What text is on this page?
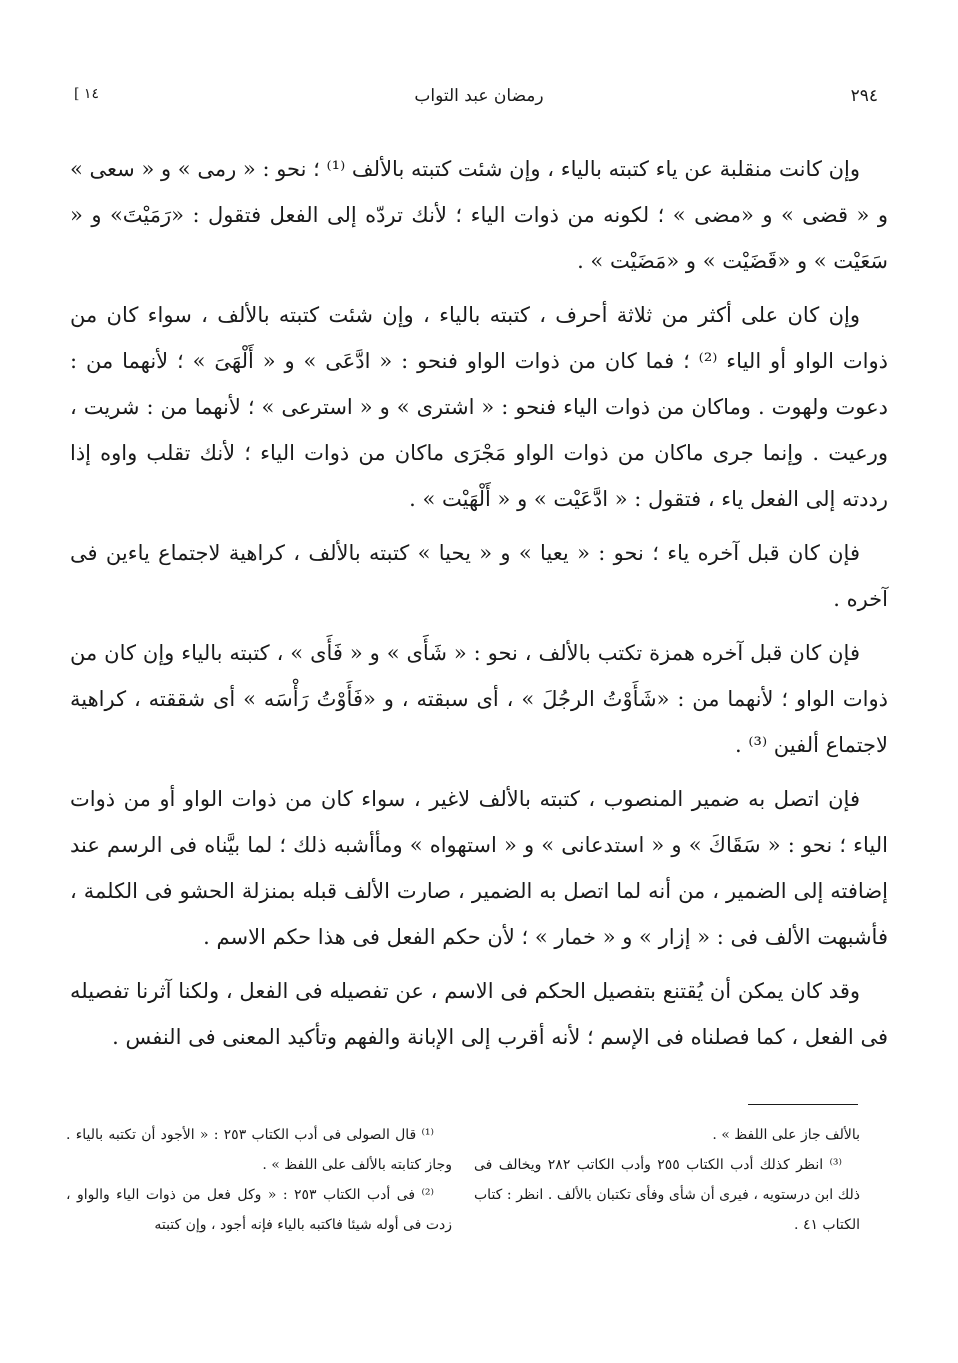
٢٩٤
رمضان عبد التواب
[ ١٤

وإن كانت منقلبة عن ياء كتبته بالياء ، وإن شئت كتبته بالألف ⁽¹⁾ ؛ نحو : « رمى » و « سعى » و « قضى » و «مضى » ؛ لكونه من ذوات الياء ؛ لأنك تردّه إلى الفعل فتقول : «رَمَيْتَ» و « سَعَيْت » و «قَضَيْت » و «مَضَيْت » .

وإن كان على أكثر من ثلاثة أحرف ، كتبته بالياء ، وإن شئت كتبته بالألف ، سواء كان من ذوات الواو أو الياء ⁽²⁾ ؛ فما كان من ذوات الواو فنحو : « ادَّعَى » و « أَلْهَىَ » ؛ لأنهما من : دعوت ولهوت . وماكان من ذوات الياء فنحو : « اشترى » و « استرعى » ؛ لأنهما من : شريت ، ورعيت . وإنما جرى ماكان من ذوات الواو مَجْرَى ماكان من ذوات الياء ؛ لأنك تقلب واوه إذا رددته إلى الفعل ياء ، فتقول : « ادَّعَيْت » و « أَلْهَيْت » .

فإن كان قبل آخره ياء ؛ نحو : « يعيا » و « يحيا » كتبته بالألف ، كراهية لاجتماع ياءين فى آخره .

فإن كان قبل آخره همزة تكتب بالألف ، نحو : « شَأَى » و « فَأَى » ، كتبته بالياء وإن كان من ذوات الواو ؛ لأنهما من : «شَأَوْتُ الرجُلَ » ، أى سبقته ، و «فَأَوْتُ رَأْسَه » أى شققته ، كراهية لاجتماع ألفين ⁽³⁾ .

فإن اتصل به ضمير المنصوب ، كتبته بالألف لاغير ، سواء كان من ذوات الواو أو من ذوات الياء ؛ نحو : « سَقَاكَ » و « استدعانى » و « استهواه » ومأأشبه ذلك ؛ لما بيَّناه فى الرسم عند إضافته إلى الضمير ، من أنه لما اتصل به الضمير ، صارت الألف قبله بمنزلة الحشو فى الكلمة ، فأشبهت الألف فى : « إزار » و « خمار » ؛ لأن حكم الفعل فى هذا حكم الاسم .

وقد كان يمكن أن يُقتنع بتفصيل الحكم فى الاسم ، عن تفصيله فى الفعل ، ولكنا آثرنا تفصيله فى الفعل ، كما فصلناه فى الإسم ؛ لأنه أقرب إلى الإبانة والفهم وتأكيد المعنى فى النفس .

⁽¹⁾ قال الصولى فى أدب الكتاب ٢٥٣ : « الأجود أن تكتبه بالياء . وجاز كتابته بالألف على اللفظ » .

⁽²⁾ فى أدب الكتاب ٢٥٣ : « وكل فعل من ذوات الياء والواو ، زدت فى أوله شيئا فاكتبه بالياء فإنه أجود ، وإن كتبته

بالألف جاز على اللفظ » .

⁽³⁾ انظر كذلك أدب الكتاب ٢٥٥ وأدب الكاتب ٢٨٢ ويخالف فى ذلك ابن درستويه ، فيرى أن شأى وفأى تكتبان بالألف . انظر : كتاب الكتاب ٤١ .
